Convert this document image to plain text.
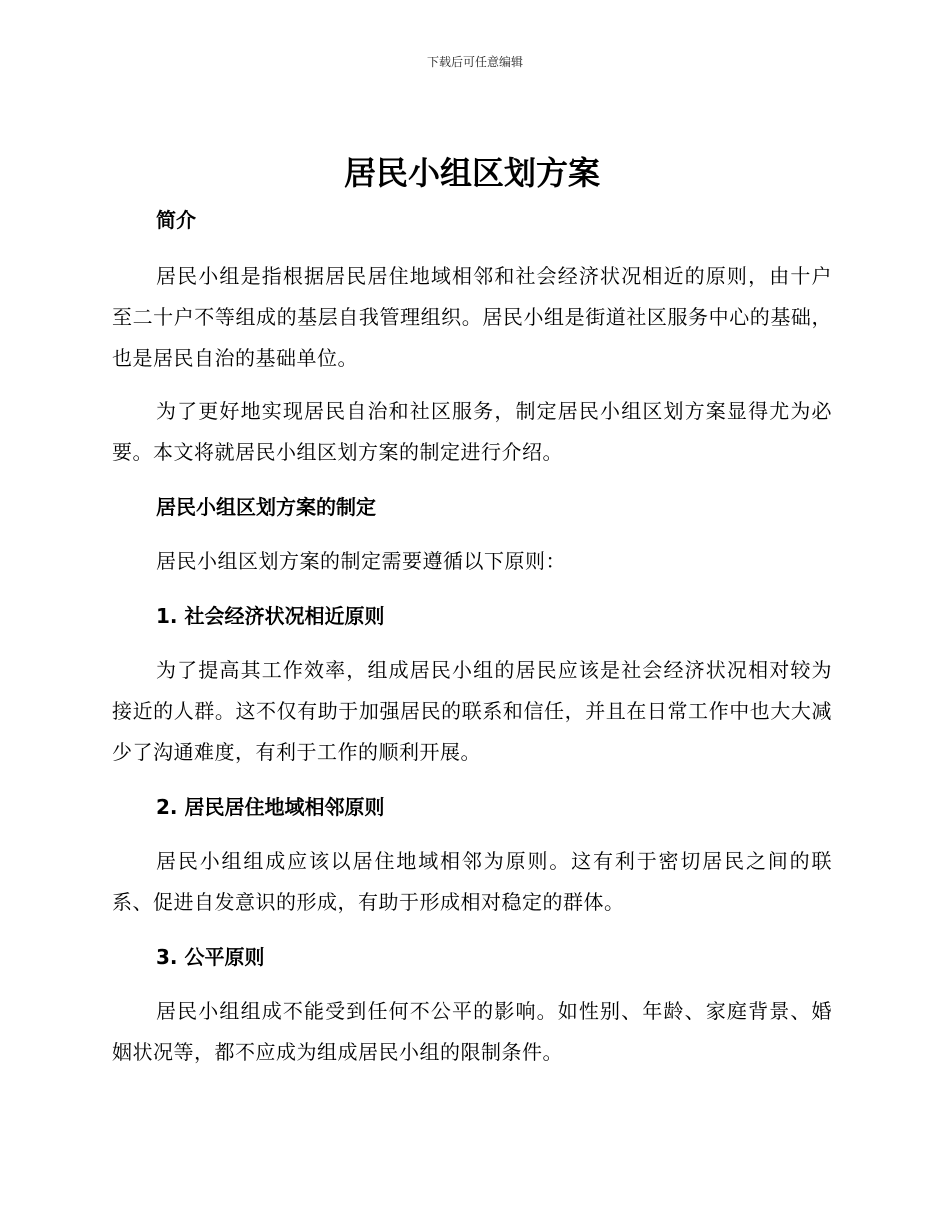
下载后可任意编辑
居民小组区划方案
简介

居民小组是指根据居民居住地域相邻和社会经济状况相近的原则，由十户至二十户不等组成的基层自我管理组织。居民小组是街道社区服务中心的基础，也是居民自治的基础单位。

为了更好地实现居民自治和社区服务，制定居民小组区划方案显得尤为必要。本文将就居民小组区划方案的制定进行介绍。

居民小组区划方案的制定

居民小组区划方案的制定需要遵循以下原则：

1. 社会经济状况相近原则

为了提高其工作效率，组成居民小组的居民应该是社会经济状况相对较为接近的人群。这不仅有助于加强居民的联系和信任，并且在日常工作中也大大减少了沟通难度，有利于工作的顺利开展。

2. 居民居住地域相邻原则

居民小组组成应该以居住地域相邻为原则。这有利于密切居民之间的联系、促进自发意识的形成，有助于形成相对稳定的群体。

3. 公平原则

居民小组组成不能受到任何不公平的影响。如性别、年龄、家庭背景、婚姻状况等，都不应成为组成居民小组的限制条件。
